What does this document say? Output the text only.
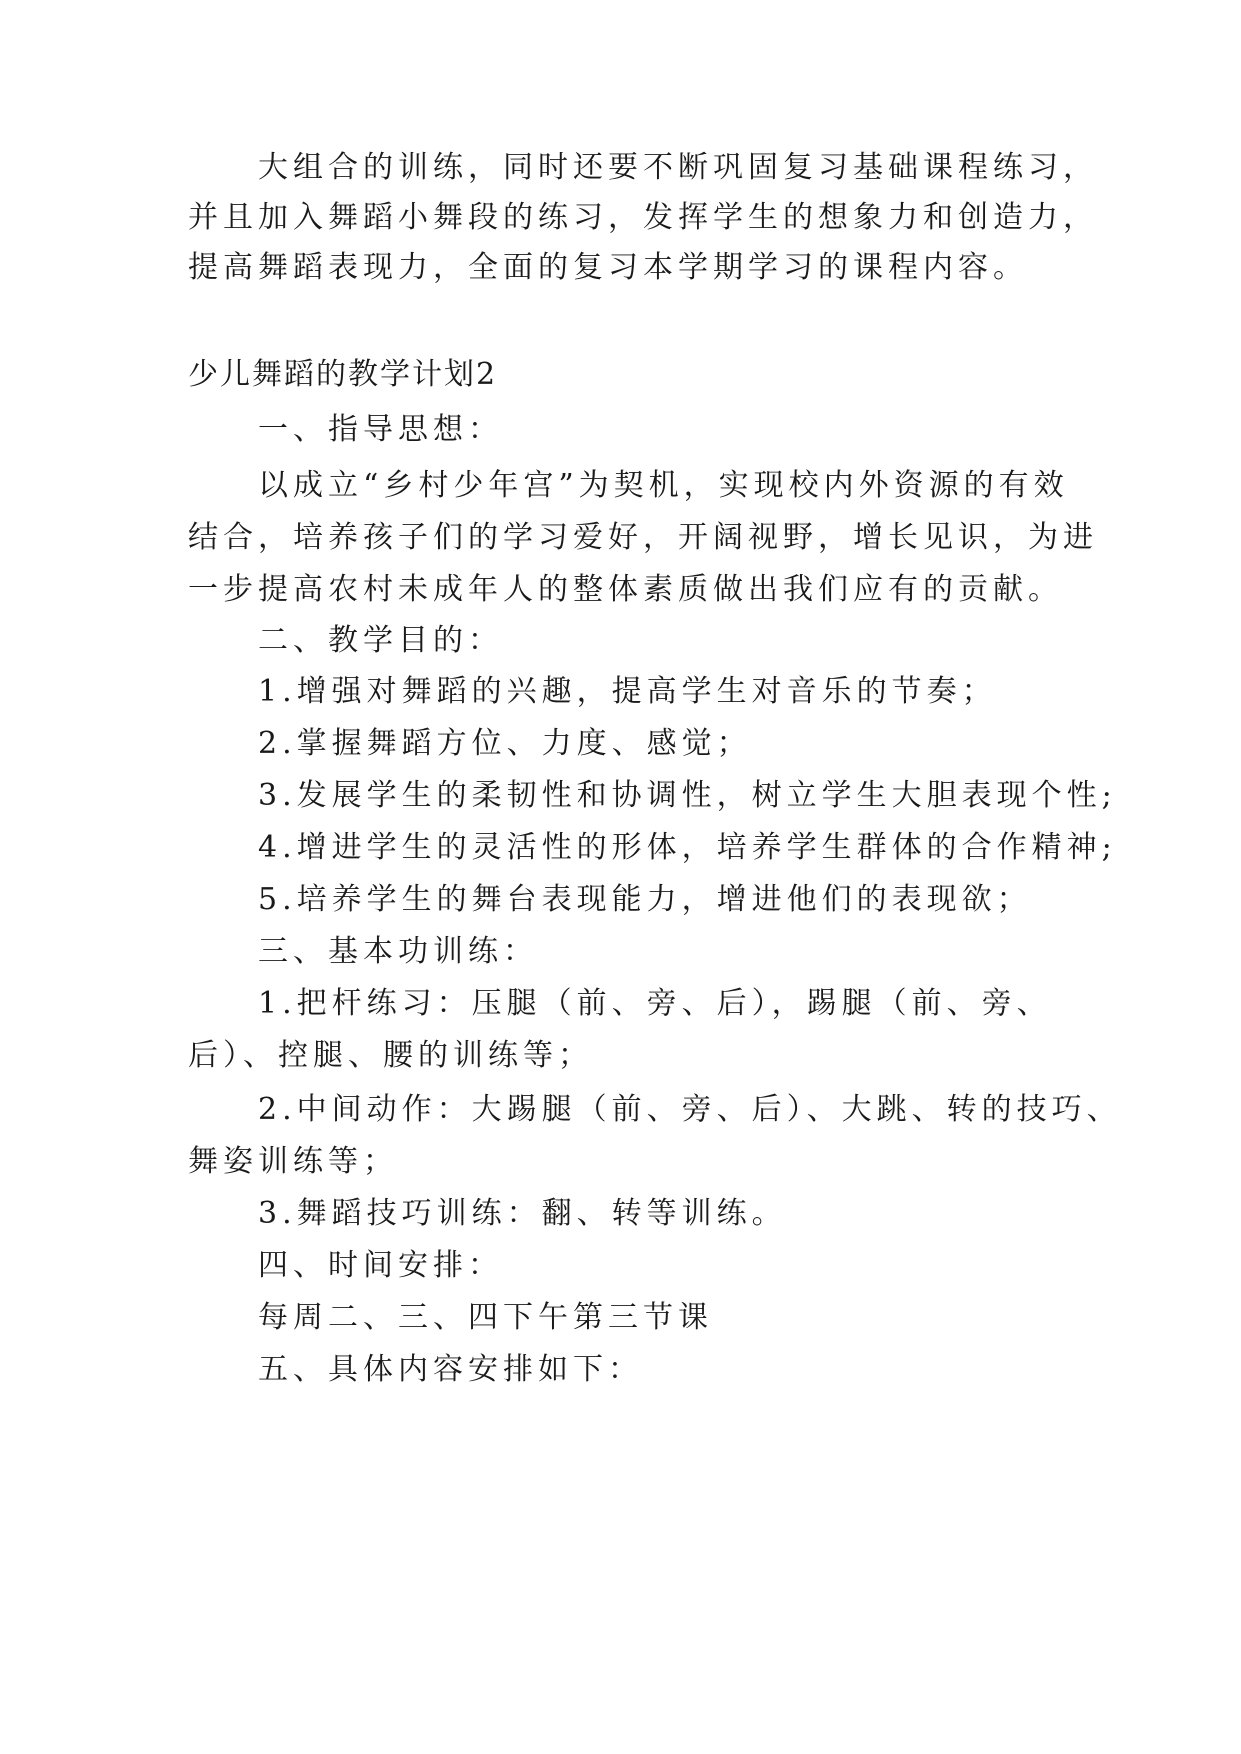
大组合的训练，同时还要不断巩固复习基础课程练习，
并且加入舞蹈小舞段的练习，发挥学生的想象力和创造力，
提高舞蹈表现力，全面的复习本学期学习的课程内容。
少儿舞蹈的教学计划2
一、指导思想：
以成立“乡村少年宫”为契机，实现校内外资源的有效
结合，培养孩子们的学习爱好，开阔视野，增长见识，为进
一步提高农村未成年人的整体素质做出我们应有的贡献。
二、教学目的：
1.增强对舞蹈的兴趣，提高学生对音乐的节奏；
2.掌握舞蹈方位、力度、感觉；
3.发展学生的柔韧性和协调性，树立学生大胆表现个性;
4.增进学生的灵活性的形体，培养学生群体的合作精神;
5.培养学生的舞台表现能力，增进他们的表现欲；
三、基本功训练：
1.把杆练习：压腿（前、旁、后），踢腿（前、旁、
后）、控腿、腰的训练等；
2.中间动作：大踢腿（前、旁、后）、大跳、转的技巧、
舞姿训练等；
3.舞蹈技巧训练：翻、转等训练。
四、时间安排：
每周二、三、四下午第三节课
五、具体内容安排如下：
